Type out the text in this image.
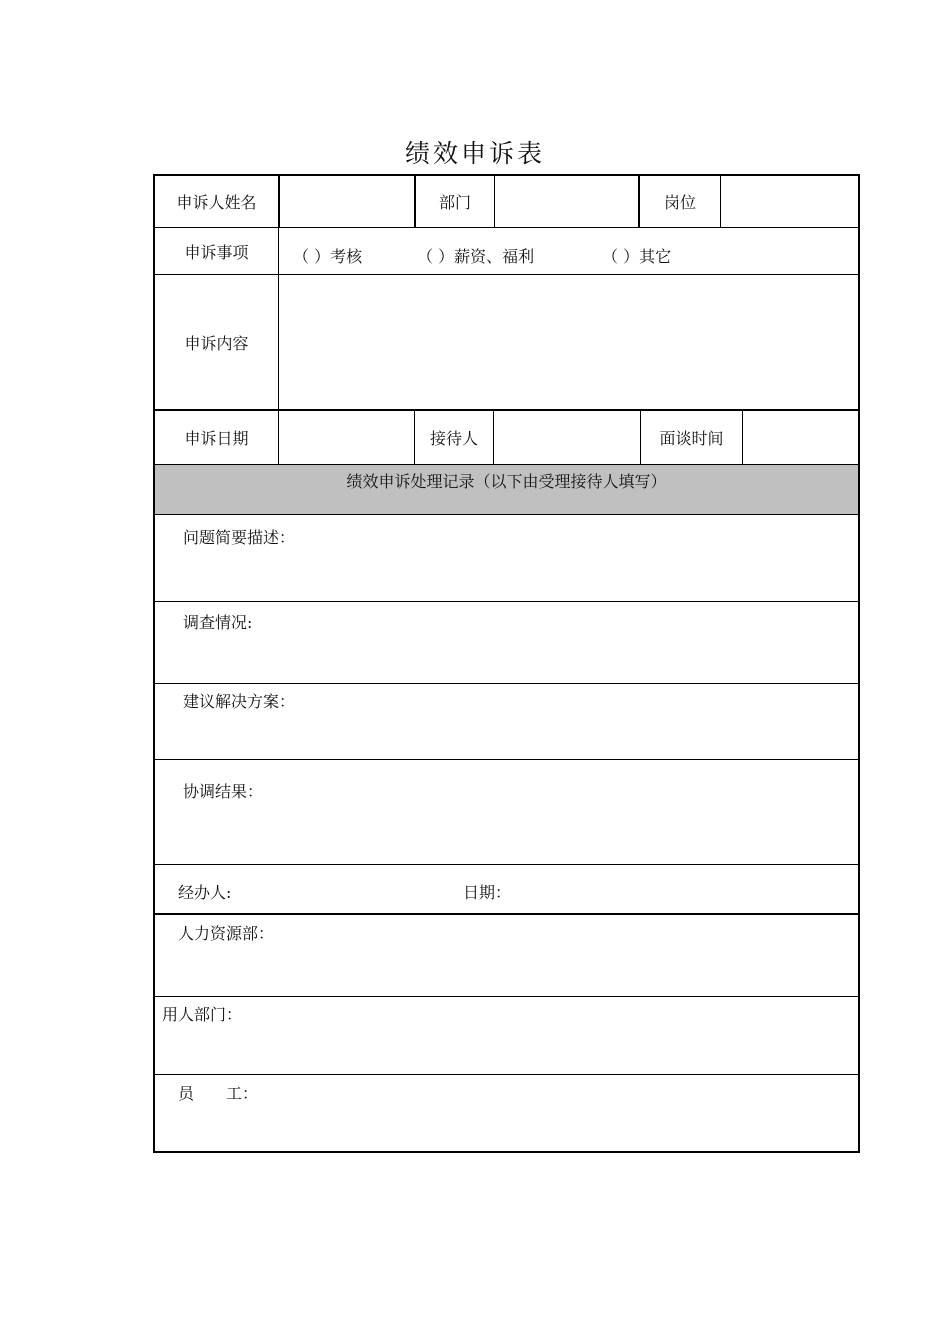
绩效申诉表
申诉人姓名	部门	岗位
申诉事项	（ ）考核	（ ）薪资、福利	（ ）其它
申诉内容
申诉日期	接待人	面谈时间
绩效申诉处理记录（以下由受理接待人填写）
问题简要描述：
调查情况:
建议解决方案：
协调结果：
经办人:	日期：
人力资源部：
用人部门：
员　　工：
